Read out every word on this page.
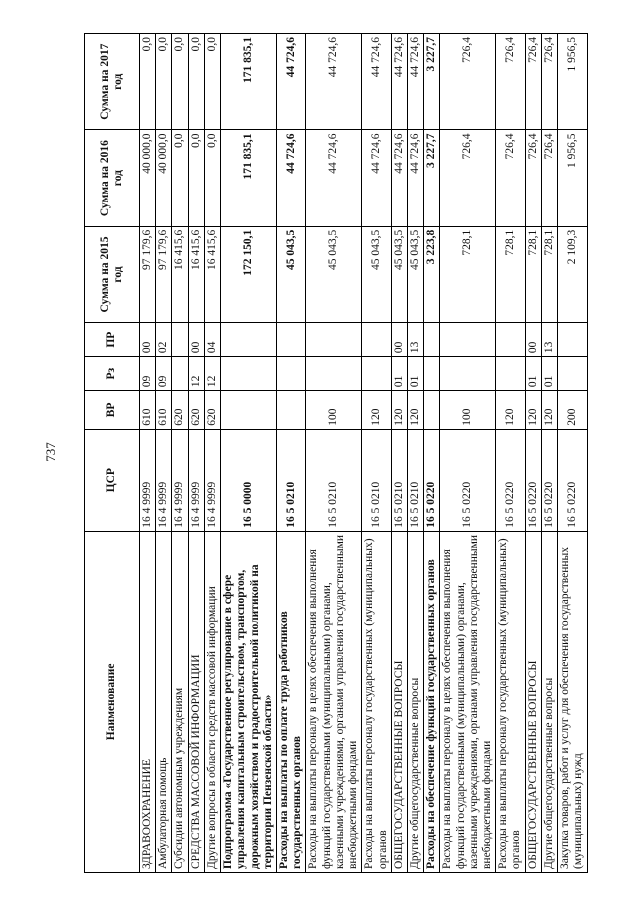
737
Наименование	ЦСР	ВР	Рз	ПР	Сумма на 2015 год	Сумма на 2016 год	Сумма на 2017 год
ЗДРАВООХРАНЕНИЕ	16 4 9999	610	09	00	97 179,6	40 000,0	0,0
Амбулаторная помощь	16 4 9999	610	09	02	97 179,6	40 000,0	0,0
Субсидии автономным учреждениям	16 4 9999	620			16 415,6	0,0	0,0
СРЕДСТВА МАССОВОЙ ИНФОРМАЦИИ	16 4 9999	620	12	00	16 415,6	0,0	0,0
Другие вопросы в области средств массовой информации	16 4 9999	620	12	04	16 415,6	0,0	0,0
Подпрограмма «Государственное регулирование в сфере управления капитальным строительством, транспортом, дорожным хозяйством и градостроительной политикой на территории Пензенской области»	16 5 0000				172 150,1	171 835,1	171 835,1
Расходы на выплаты по оплате труда работников государственных органов	16 5 0210				45 043,5	44 724,6	44 724,6
Расходы на выплаты персоналу в целях обеспечения выполнения функций государственными (муниципальными) органами, казенными учреждениями, органами управления государственными внебюджетными фондами	16 5 0210	100			45 043,5	44 724,6	44 724,6
Расходы на выплаты персоналу государственных (муниципальных) органов	16 5 0210	120			45 043,5	44 724,6	44 724,6
ОБЩЕГОСУДАРСТВЕННЫЕ ВОПРОСЫ	16 5 0210	120	01	00	45 043,5	44 724,6	44 724,6
Другие общегосударственные вопросы	16 5 0210	120	01	13	45 043,5	44 724,6	44 724,6
Расходы на обеспечение функций государственных органов	16 5 0220				3 223,8	3 227,7	3 227,7
Расходы на выплаты персоналу в целях обеспечения выполнения функций государственными (муниципальными) органами, казенными учреждениями, органами управления государственными внебюджетными фондами	16 5 0220	100			728,1	726,4	726,4
Расходы на выплаты персоналу государственных (муниципальных) органов	16 5 0220	120			728,1	726,4	726,4
ОБЩЕГОСУДАРСТВЕННЫЕ ВОПРОСЫ	16 5 0220	120	01	00	728,1	726,4	726,4
Другие общегосударственные вопросы	16 5 0220	120	01	13	728,1	726,4	726,4
Закупка товаров, работ и услуг для обеспечения государственных (муниципальных) нужд	16 5 0220	200			2 109,3	1 956,5	1 956,5
